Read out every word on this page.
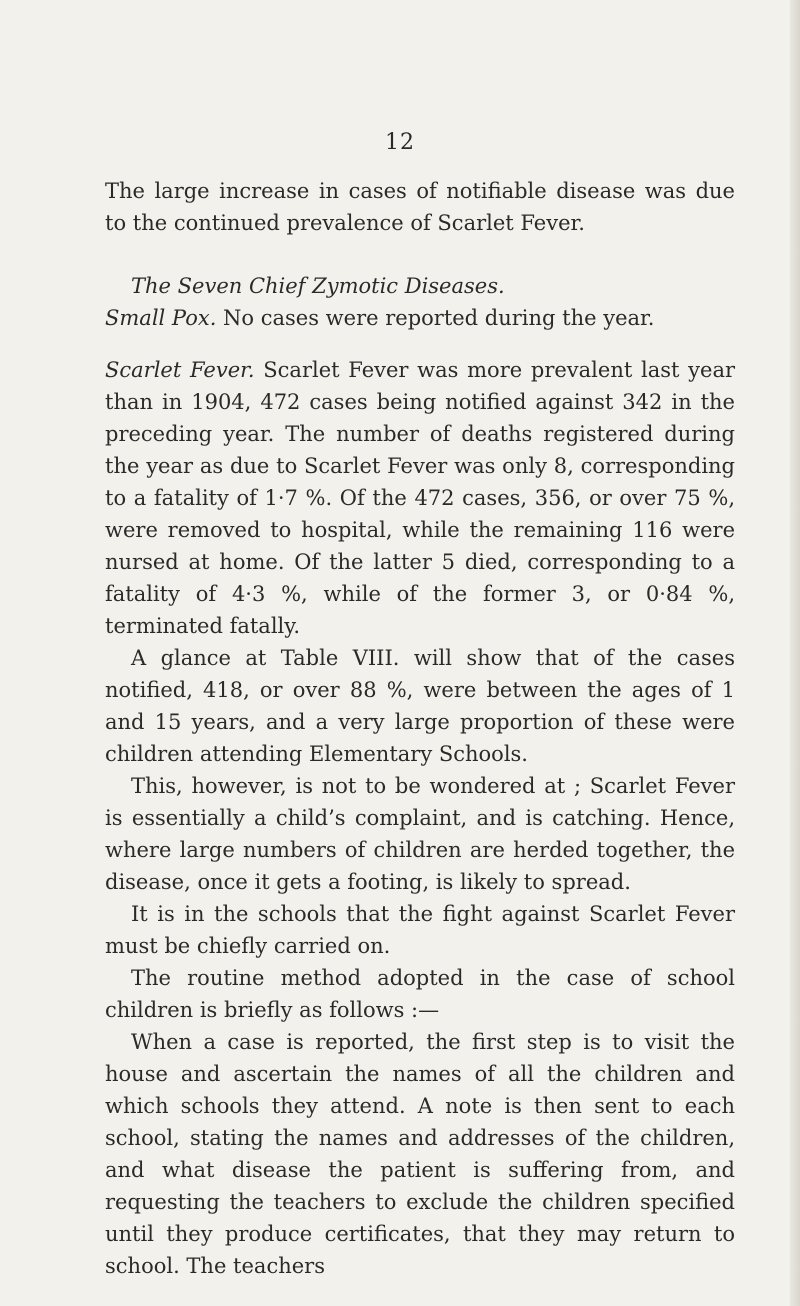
12

The large increase in cases of notifiable disease was due to the continued prevalence of Scarlet Fever.

The Seven Chief Zymotic Diseases.

Small Pox. No cases were reported during the year.

Scarlet Fever. Scarlet Fever was more prevalent last year than in 1904, 472 cases being notified against 342 in the preceding year. The number of deaths registered during the year as due to Scarlet Fever was only 8, corresponding to a fatality of 1·7 %. Of the 472 cases, 356, or over 75 %, were removed to hospital, while the remaining 116 were nursed at home. Of the latter 5 died, corresponding to a fatality of 4·3 %, while of the former 3, or 0·84 %, terminated fatally.

A glance at Table VIII. will show that of the cases notified, 418, or over 88 %, were between the ages of 1 and 15 years, and a very large proportion of these were children attending Elementary Schools.

This, however, is not to be wondered at ; Scarlet Fever is essentially a child’s complaint, and is catching. Hence, where large numbers of children are herded together, the disease, once it gets a footing, is likely to spread.

It is in the schools that the fight against Scarlet Fever must be chiefly carried on.

The routine method adopted in the case of school children is briefly as follows :—

When a case is reported, the first step is to visit the house and ascertain the names of all the children and which schools they attend. A note is then sent to each school, stating the names and addresses of the children, and what disease the patient is suffering from, and requesting the teachers to exclude the children specified until they produce certificates, that they may return to school. The teachers
